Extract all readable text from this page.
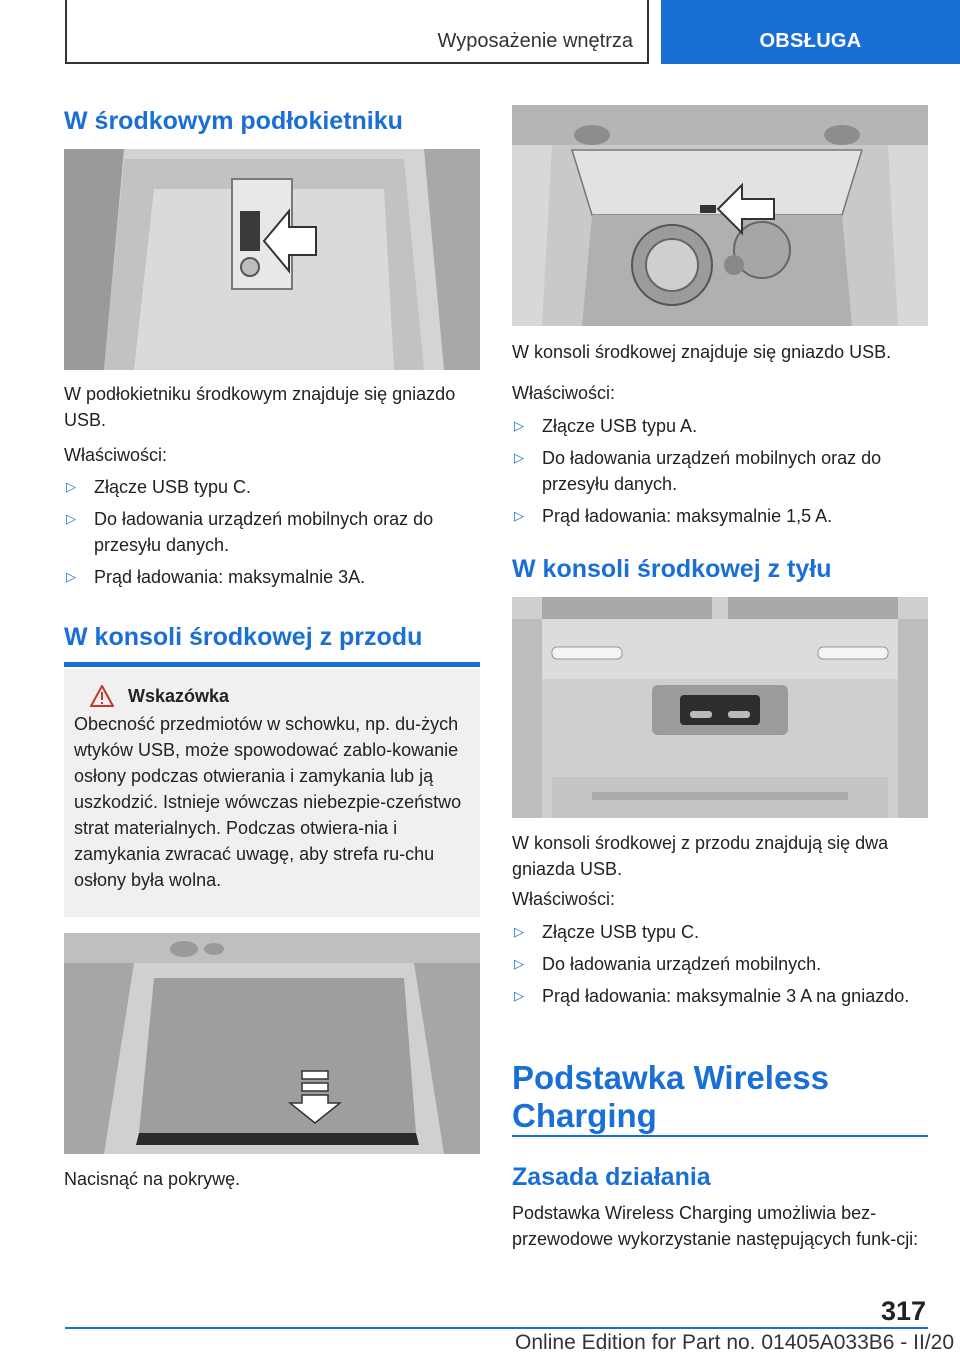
Wyposażenie wnętrza	OBSŁUGA
W środkowym podłokietniku
W podłokietniku środkowym znajduje się gniazdo USB.
Właściwości:
▷ Złącze USB typu C.
▷ Do ładowania urządzeń mobilnych oraz do przesyłu danych.
▷ Prąd ładowania: maksymalnie 3A.
W konsoli środkowej z przodu
Wskazówka
Obecność przedmiotów w schowku, np. du-żych wtyków USB, może spowodować zablo-kowanie osłony podczas otwierania i zamykania lub ją uszkodzić. Istnieje wówczas niebezpie-czeństwo strat materialnych. Podczas otwiera-nia i zamykania zwracać uwagę, aby strefa ru-chu osłony była wolna.
Nacisnąć na pokrywę.
W konsoli środkowej znajduje się gniazdo USB.
Właściwości:
▷ Złącze USB typu A.
▷ Do ładowania urządzeń mobilnych oraz do przesyłu danych.
▷ Prąd ładowania: maksymalnie 1,5 A.
W konsoli środkowej z tyłu
W konsoli środkowej z przodu znajdują się dwa gniazda USB.
Właściwości:
▷ Złącze USB typu C.
▷ Do ładowania urządzeń mobilnych.
▷ Prąd ładowania: maksymalnie 3 A na gniazdo.
Podstawka Wireless Charging
Zasada działania
Podstawka Wireless Charging umożliwia bez-przewodowe wykorzystanie następujących funk-cji:
317
Online Edition for Part no. 01405A033B6 - II/20
